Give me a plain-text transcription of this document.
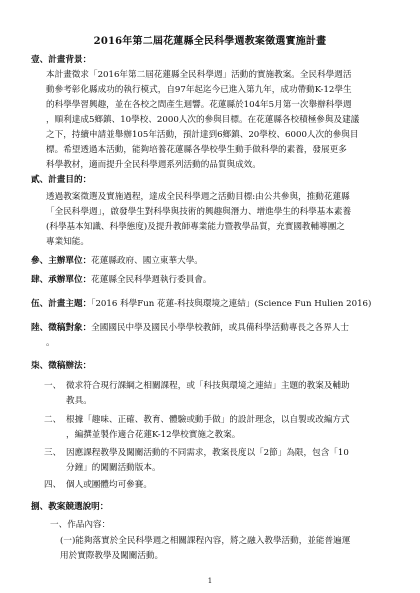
2016年第二屆花蓮縣全民科學週教案徵選實施計畫
壹、計畫背景：
本計畫徵求「2016年第二屆花蓮縣全民科學週」活動的實施教案。全民科學週活
動參考彰化縣成功的執行模式，自97年起迄今已進入第九年，成功帶動K-12學生
的科學學習興趣，並在各校之間產生迴響。花蓮縣於104年5月第一次舉辦科學週
，順利達成5鄉鎮、10學校、2000人次的參與目標。在花蓮縣各校積極參與及建議
之下，持續申請並舉辦105年活動，預計達到6鄉鎮、20學校、6000人次的參與目
標。希望透過本活動，能夠培養花蓮縣各學校學生動手做科學的素養，發展更多
科學教材，適而提升全民科學週系列活動的品質與成效。
貳、計畫目的：
透過教案徵選及實施過程，達成全民科學週之活動目標:由公共參與，推動花蓮縣
「全民科學週」，啟發學生對科學與技術的興趣與潛力、增進學生的科學基本素養
(科學基本知識、科學態度)及提升教師專業能力暨教學品質，充實國教輔導團之
專業知能。
參、主辦單位：花蓮縣政府、國立東華大學。
肆、承辦單位：花蓮縣全民科學週執行委員會。
伍、計畫主題：「2016 科學Fun 花蓮-科技與環境之連結」(Science Fun Hulien 2016)
陸、徵稿對象：全國國民中學及國民小學學校教師，或具備科學活動專長之各界人士
。
柒、徵稿辦法：
一、 微求符合現行課綱之相關課程，或「科技與環境之連結」主題的教案及輔助
教具。
二、 根據「趣味、正確、教育、體驗或動手做」的設計理念，以自製或改編方式
，編撰並製作適合花蓮K-12學校實施之教案。
三、 因應課程教學及闖關活動的不同需求，教案長度以「2節」為限，包含「10
分鐘」的闖關活動版本。
四、 個人或團體均可參賽。
捌、教案競選說明：
一、作品內容：
(一)能夠落實於全民科學週之相關課程內容，將之融入教學活動，並能普遍運
用於實際教學及闖關活動。
1
